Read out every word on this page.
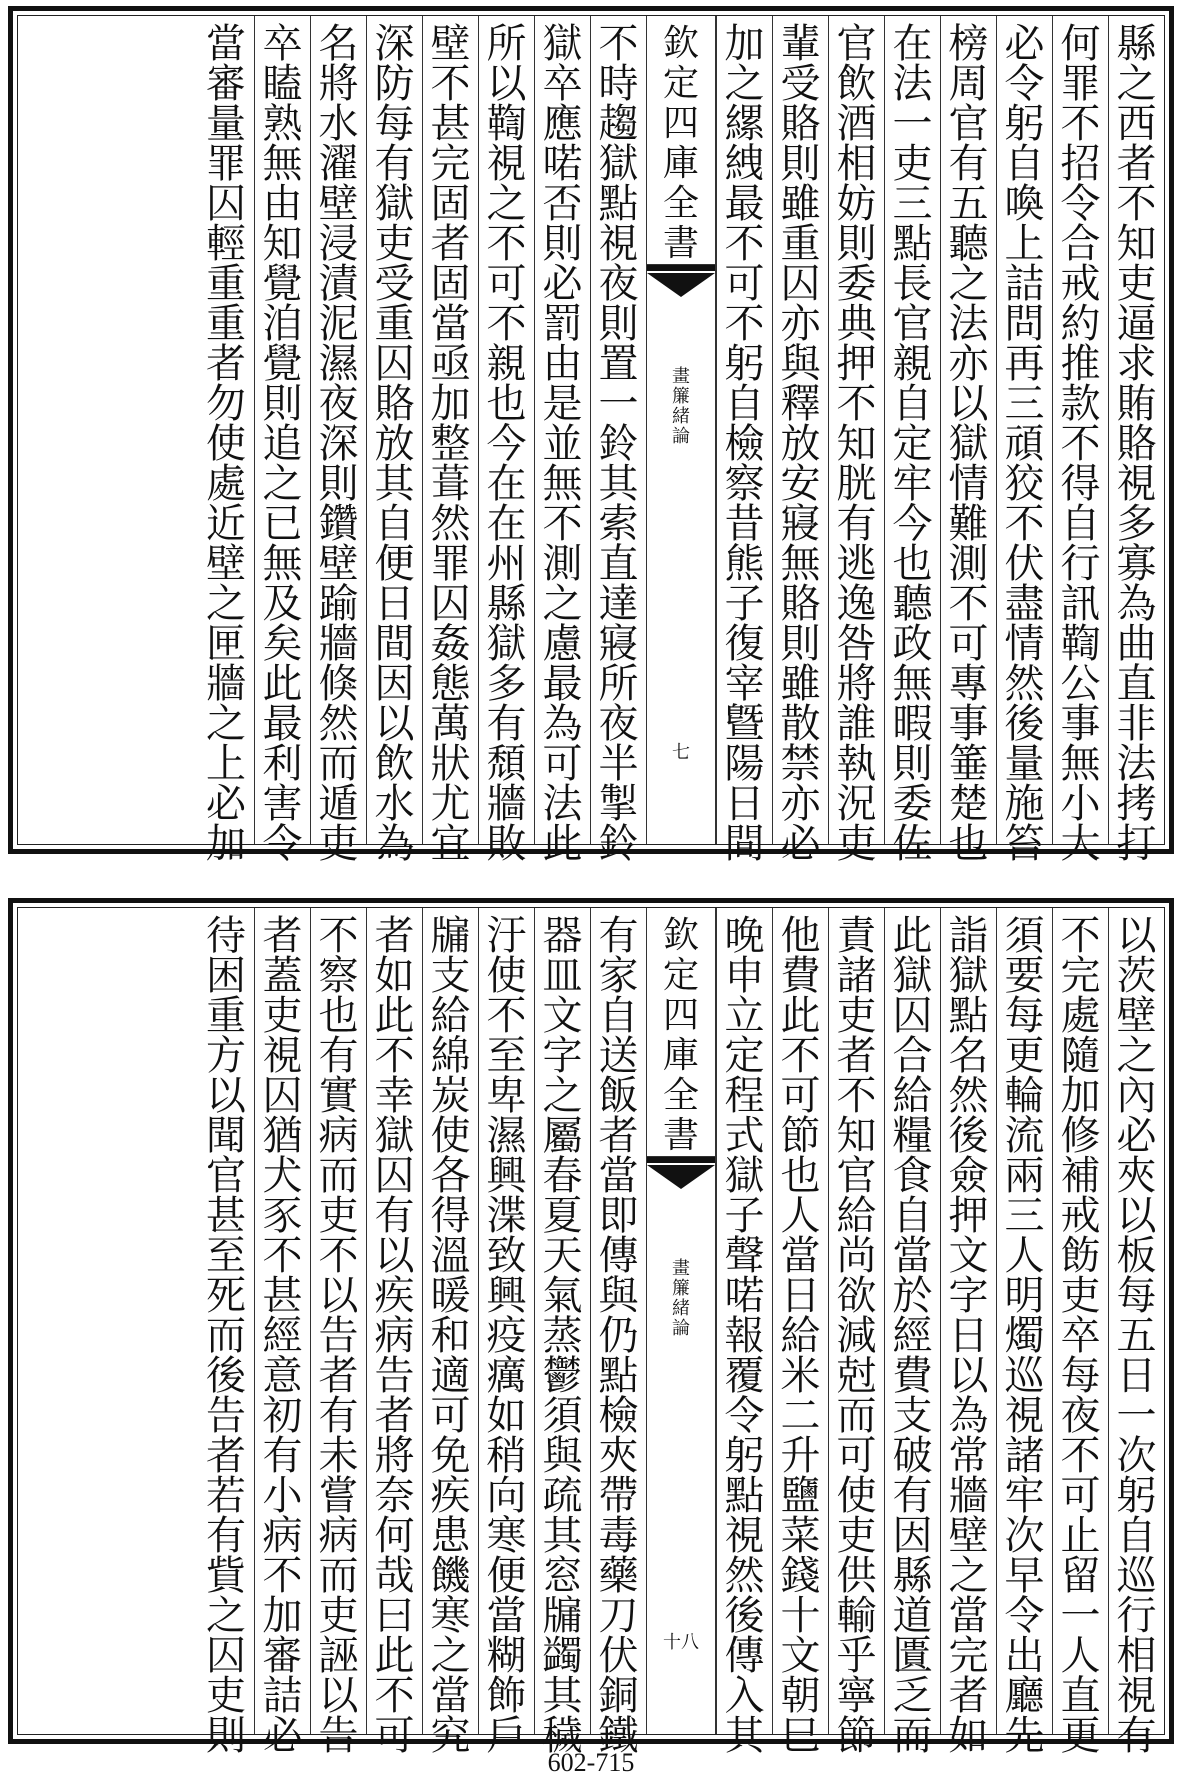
縣
之
西
者
不
知
吏
逼
求
賄
賂
視
多
寡
為
曲
直
非
法
拷
打
何
罪
不
招
令
合
戒
約
推
款
不
得
自
行
訊
鞫
公
事
無
小
大
必
令
躬
自
喚
上
詰
問
再
三
頑
狡
不
伏
盡
情
然
後
量
施
笞
榜
周
官
有
五
聽
之
法
亦
以
獄
情
難
測
不
可
專
事
箠
楚
也
在
法
一
吏
三
點
長
官
親
自
定
牢
今
也
聽
政
無
暇
則
委
佐
官
飲
酒
相
妨
則
委
典
押
不
知
胱
有
逃
逸
咎
將
誰
執
況
吏
輩
受
賂
則
雖
重
囚
亦
與
釋
放
安
寢
無
賂
則
雖
散
禁
亦
必
加
之
縲
絏
最
不
可
不
躬
自
檢
察
昔
熊
子
復
宰
曁
陽
日
間
欽
定
四
庫
全
書
畫
簾
緒
論
七
不
時
趨
獄
點
視
夜
則
置
一
鈴
其
索
直
達
寢
所
夜
半
掣
鈴
獄
卒
應
喏
否
則
必
罰
由
是
並
無
不
測
之
慮
最
為
可
法
此
所
以
鞫
視
之
不
可
不
親
也
今
在
在
州
縣
獄
多
有
頹
牆
敗
壁
不
甚
完
固
者
固
當
亟
加
整
葺
然
罪
囚
姦
態
萬
狀
尤
宜
深
防
每
有
獄
吏
受
重
囚
賂
放
其
自
便
日
間
因
以
飲
水
為
名
將
水
濯
壁
浸
漬
泥
濕
夜
深
則
鑽
壁
踰
牆
倏
然
而
遁
吏
卒
瞌
熟
無
由
知
覺
洎
覺
則
追
之
已
無
及
矣
此
最
利
害
令
當
審
量
罪
囚
輕
重
重
者
勿
使
處
近
壁
之
匣
牆
之
上
必
加
以
茨
壁
之
內
必
夾
以
板
每
五
日
一
次
躬
自
巡
行
相
視
有
不
完
處
隨
加
修
補
戒
飭
吏
卒
每
夜
不
可
止
留
一
人
直
更
須
要
每
更
輪
流
兩
三
人
明
燭
巡
視
諸
牢
次
早
令
出
廳
先
詣
獄
點
名
然
後
僉
押
文
字
日
以
為
常
牆
壁
之
當
完
者
如
此
獄
囚
合
給
糧
食
自
當
於
經
費
支
破
有
因
縣
道
匱
乏
而
責
諸
吏
者
不
知
官
給
尚
欲
減
尅
而
可
使
吏
供
輸
乎
寧
節
他
費
此
不
可
節
也
人
當
日
給
米
二
升
鹽
菜
錢
十
文
朝
巳
晚
申
立
定
程
式
獄
子
聲
喏
報
覆
令
躬
點
視
然
後
傳
入
其
欽
定
四
庫
全
書
畫
簾
緒
論
十八
有
家
自
送
飯
者
當
即
傳
與
仍
點
檢
夾
帶
毒
藥
刀
伏
銅
鐵
器
皿
文
字
之
屬
春
夏
天
氣
蒸
鬱
須
與
疏
其
窓
牖
蠲
其
穢
汙
使
不
至
卑
濕
興
渫
致
興
疫
癘
如
稍
向
寒
便
當
糊
飾
戶
牖
支
給
綿
炭
使
各
得
溫
暖
和
適
可
免
疾
患
饑
寒
之
當
究
者
如
此
不
幸
獄
囚
有
以
疾
病
告
者
將
奈
何
哉
曰
此
不
可
不
察
也
有
實
病
而
吏
不
以
告
者
有
未
嘗
病
而
吏
誣
以
告
者
蓋
吏
視
囚
猶
犬
豕
不
甚
經
意
初
有
小
病
不
加
審
詰
必
待
困
重
方
以
聞
官
甚
至
死
而
後
告
者
若
有
貲
之
囚
吏
則
602-715
